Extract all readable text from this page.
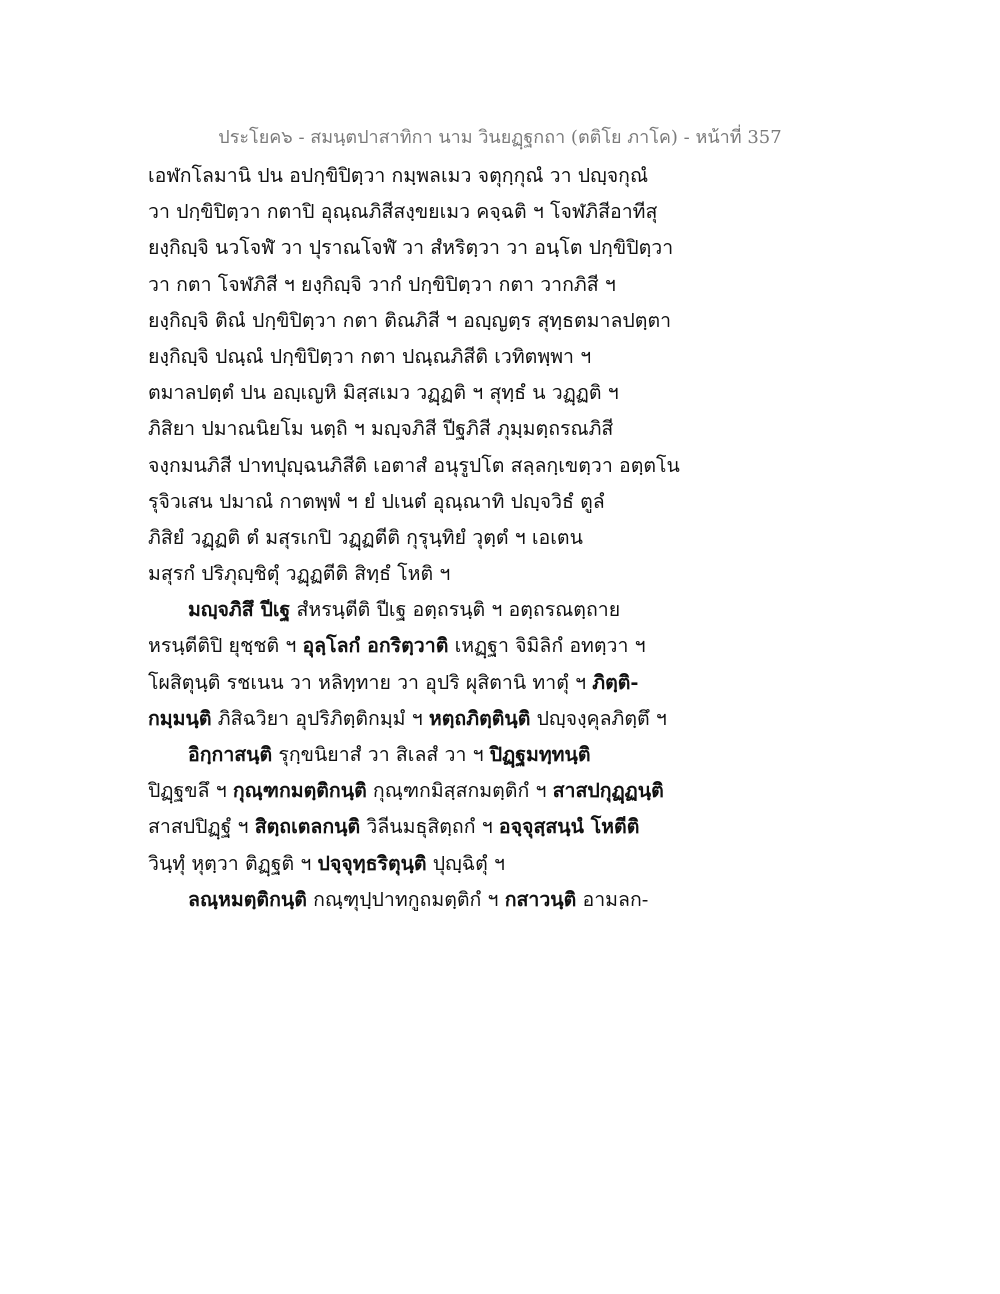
ประโยค๖ - สมนฺตปาสาทิกา นาม วินยฏฺฐกถา (ตติโย ภาโค) - หน้าที่ 357
เอฬกโลมานิ ปน อปกฺขิปิตฺวา กมฺพลเมว จตุกฺกุณํ วา ปญฺจกุณํ
วา ปกฺขิปิตฺวา กตาปิ อุณฺณภิสีสงฺขยเมว คจฺฉติ ฯ โจฬภิสีอาทีสุ
ยงฺกิญฺจิ นวโจฬํ วา ปุราณโจฬํ วา สํหริตฺวา วา อนฺโต ปกฺขิปิตฺวา
วา กตา โจฬภิสี ฯ ยงฺกิญฺจิ วากํ ปกฺขิปิตฺวา กตา วากภิสี ฯ
ยงฺกิญฺจิ ติณํ ปกฺขิปิตฺวา กตา ติณภิสี ฯ อญฺญตฺร สุทฺธตมาลปตฺตา
ยงฺกิญฺจิ ปณฺณํ ปกฺขิปิตฺวา กตา ปณฺณภิสีติ เวทิตพฺพา ฯ
ตมาลปตฺตํ ปน อญฺเญหิ มิสฺสเมว วฏฺฏติ ฯ สุทฺธํ น วฏฺฏติ ฯ
ภิสิยา ปมาณนิยโม นตฺถิ ฯ มญฺจภิสี ปีฐภิสี ภุมฺมตฺถรณภิสี
จงฺกมนภิสี ปาทปุญฺฉนภิสีติ เอตาสํ อนุรูปโต สลฺลกฺเขตฺวา อตฺตโน
รุจิวเสน ปมาณํ กาตพฺพํ ฯ ยํ ปเนตํ อุณฺณาทิ ปญฺจวิธํ ตูลํ
ภิสิยํ วฏฺฏติ ตํ มสุรเกปิ วฏฺฏตีติ กุรุนฺทิยํ วุตฺตํ ฯ เอเตน
มสุรกํ ปริภุญฺชิตุํ วฏฺฏตีติ สิทฺธํ โหติ ฯ
มญฺจภิสึ ปีเฐ สํหรนฺตีติ ปีเฐ อตฺถรนฺติ ฯ อตฺถรณตฺถาย
หรนฺตีติปิ ยุชฺชติ ฯ อุลฺโลกํ อกริตฺวาติ เหฏฺฐา จิมิลิกํ อทตฺวา ฯ
โผสิตุนฺติ รชเนน วา หลิทฺทาย วา อุปริ ผุสิตานิ ทาตุํ ฯ ภิตฺติ-
กมฺมนฺติ ภิสิฉวิยา อุปริภิตฺติกมฺมํ ฯ หตฺถภิตฺตินฺติ ปญฺจงฺคุลภิตฺตึ ฯ
อิกฺกาสนฺติ รุกฺขนิยาสํ วา สิเลสํ วา ฯ ปิฏฺฐมทฺทนฺติ
ปิฏฺฐขลึ ฯ กุณฺฑกมตฺติกนฺติ กุณฺฑกมิสฺสกมตฺติกํ ฯ สาสปกุฏฺฏนฺติ
สาสปปิฏฺฐํ ฯ สิตฺถเตลกนฺติ วิลีนมธุสิตฺถกํ ฯ อจฺจุสฺสนฺนํ โหตีติ
วินฺทุํ หุตฺวา ติฏฺฐติ ฯ ปจฺจุทฺธริตุนฺติ ปุญฺฉิตุํ ฯ
ลณฺหมตฺติกนฺติ กณฺฑุปฺปาทกูถมตฺติกํ ฯ กสาวนฺติ อามลก-
